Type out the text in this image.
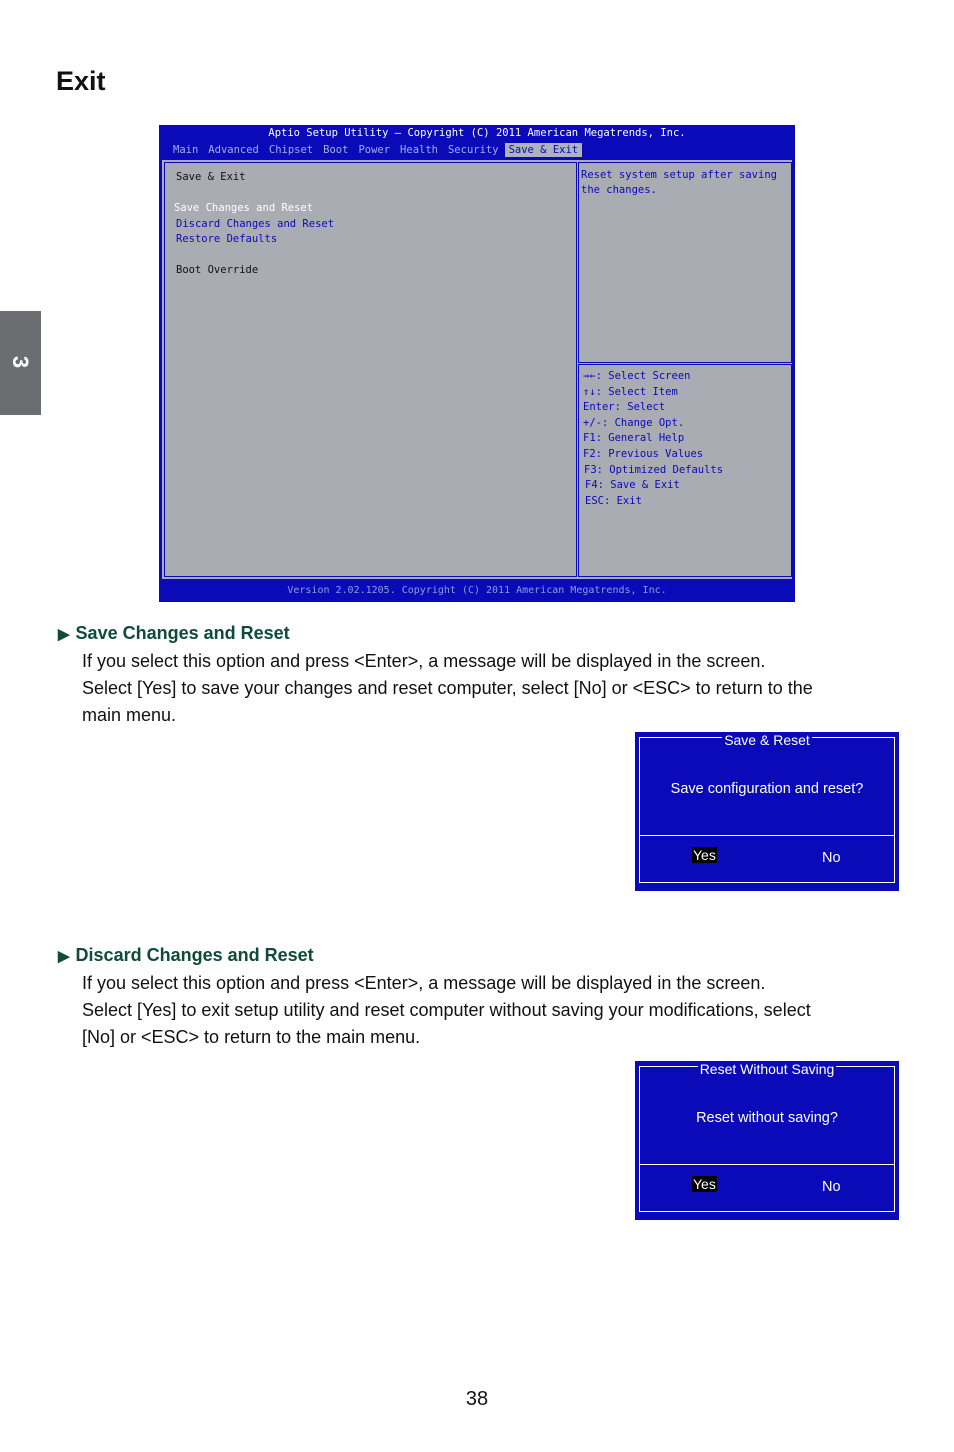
Exit
3
Aptio Setup Utility – Copyright (C) 2011 American Megatrends, Inc.
Main Advanced Chipset Boot Power Health Security Save & Exit
Save & Exit
Save Changes and Reset
Discard Changes and Reset
Restore Defaults
Boot Override
Reset system setup after saving
the changes.
→←: Select Screen
↑↓: Select Item
Enter: Select
+/-: Change Opt.
F1: General Help
F2: Previous Values
F3: Optimized Defaults
F4: Save & Exit
ESC: Exit
Version 2.02.1205. Copyright (C) 2011 American Megatrends, Inc.
▶ Save Changes and Reset
If you select this option and press <Enter>, a message will be displayed in the screen.
Select [Yes] to save your changes and reset computer, select [No] or <ESC> to return to the
main menu.
Save & Reset
Save configuration and reset?
Yes	No
▶ Discard Changes and Reset
If you select this option and press <Enter>, a message will be displayed in the screen.
Select [Yes] to exit setup utility and reset computer without saving your modifications, select
[No] or <ESC> to return to the main menu.
Reset Without Saving
Reset without saving?
Yes	No
38
